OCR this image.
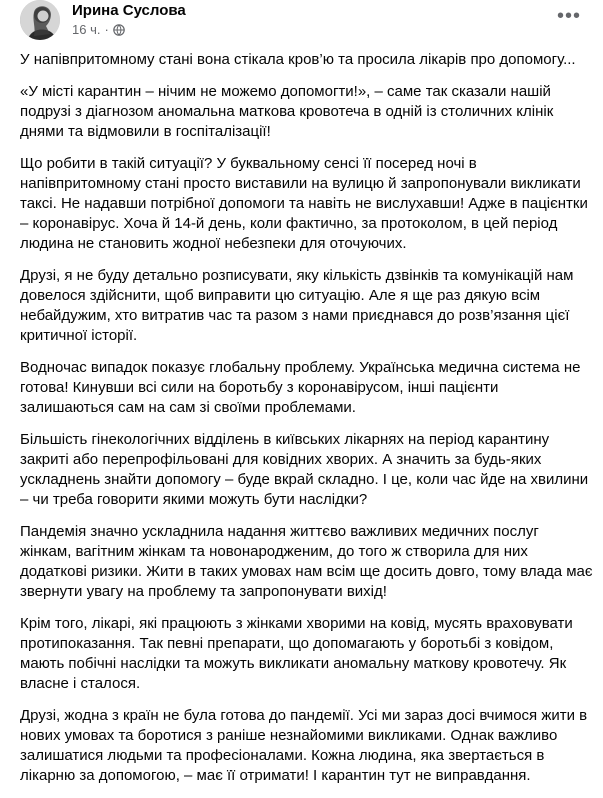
Ирина Суслова
16 ч. ·
•••

У напівпритомному стані вона стікала кров’ю та просила лікарів про допомогу...

«У місті карантин – нічим не можемо допомогти!», – саме так сказали нашій подрузі з діагнозом аномальна маткова кровотеча в одній із столичних клінік днями та відмовили в госпіталізації!

Що робити в такій ситуації? У буквальному сенсі її посеред ночі в напівпритомному стані просто виставили на вулицю й запропонували викликати таксі. Не надавши потрібної допомоги та навіть не вислухавши! Адже в пацієнтки – коронавірус. Хоча й 14-й день, коли фактично, за протоколом, в цей період людина не становить жодної небезпеки для оточуючих.

Друзі, я не буду детально розписувати, яку кількість дзвінків та комунікацій нам довелося здійснити, щоб виправити цю ситуацію. Але я ще раз дякую всім небайдужим, хто витратив час та разом з нами приєднався до розв’язання цієї критичної історії.

Водночас випадок показує глобальну проблему. Українська медична система не готова! Кинувши всі сили на боротьбу з коронавірусом, інші пацієнти залишаються сам на сам зі своїми проблемами.

Більшість гінекологічних відділень в київських лікарнях на період карантину закриті або перепрофільовані для ковідних хворих. А значить за будь-яких ускладнень знайти допомогу – буде вкрай складно. І це, коли час йде на хвилини – чи треба говорити якими можуть бути наслідки?

Пандемія значно ускладнила надання життєво важливих медичних послуг жінкам, вагітним жінкам та новонародженим, до того ж створила для них додаткові ризики. Жити в таких умовах нам всім ще досить довго, тому влада має звернути увагу на проблему та запропонувати вихід!

Крім того, лікарі, які працюють з жінками хворими на ковід, мусять враховувати протипоказання. Так певні препарати, що допомагають у боротьбі з ковідом, мають побічні наслідки та можуть викликати аномальну маткову кровотечу. Як власне і сталося.

Друзі, жодна з країн не була готова до пандемії. Усі ми зараз досі вчимося жити в нових умовах та боротися з раніше незнайомими викликами. Однак важливо залишатися людьми та професіоналами. Кожна людина, яка звертається в лікарню за допомогою, – має її отримати! І карантин тут не виправдання.
